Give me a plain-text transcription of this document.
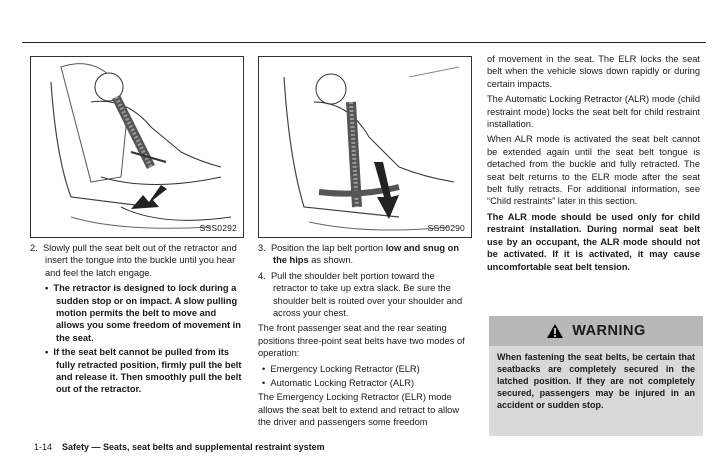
SSS0292	SSS0290
2. Slowly pull the seat belt out of the retractor and insert the tongue into the buckle until you hear and feel the latch engage.
•  The retractor is designed to lock during a sudden stop or on impact. A slow pulling motion permits the belt to move and allows you some freedom of movement in the seat.
•  If the seat belt cannot be pulled from its fully retracted position, firmly pull the belt and release it. Then smoothly pull the belt out of the retractor.
3. Position the lap belt portion low and snug on the hips as shown.
4. Pull the shoulder belt portion toward the retractor to take up extra slack. Be sure the shoulder belt is routed over your shoulder and across your chest.

The front passenger seat and the rear seating positions three-point seat belts have two modes of operation:

•  Emergency Locking Retractor (ELR)
•  Automatic Locking Retractor (ALR)

The Emergency Locking Retractor (ELR) mode allows the seat belt to extend and retract to allow the driver and passengers some freedom

of movement in the seat. The ELR locks the seat belt when the vehicle slows down rapidly or during certain impacts.

The Automatic Locking Retractor (ALR) mode (child restraint mode) locks the seat belt for child restraint installation.

When ALR mode is activated the seat belt cannot be extended again until the seat belt tongue is detached from the buckle and fully retracted. The seat belt returns to the ELR mode after the seat belt fully retracts. For additional information, see “Child restraints” later in this section.

The ALR mode should be used only for child restraint installation. During normal seat belt use by an occupant, the ALR mode should not be activated. If it is activated, it may cause uncomfortable seat belt tension.

WARNING
When fastening the seat belts, be certain that seatbacks are completely secured in the latched position. If they are not completely secured, passengers may be injured in an accident or sudden stop.
1-14 Safety — Seats, seat belts and supplemental restraint system
